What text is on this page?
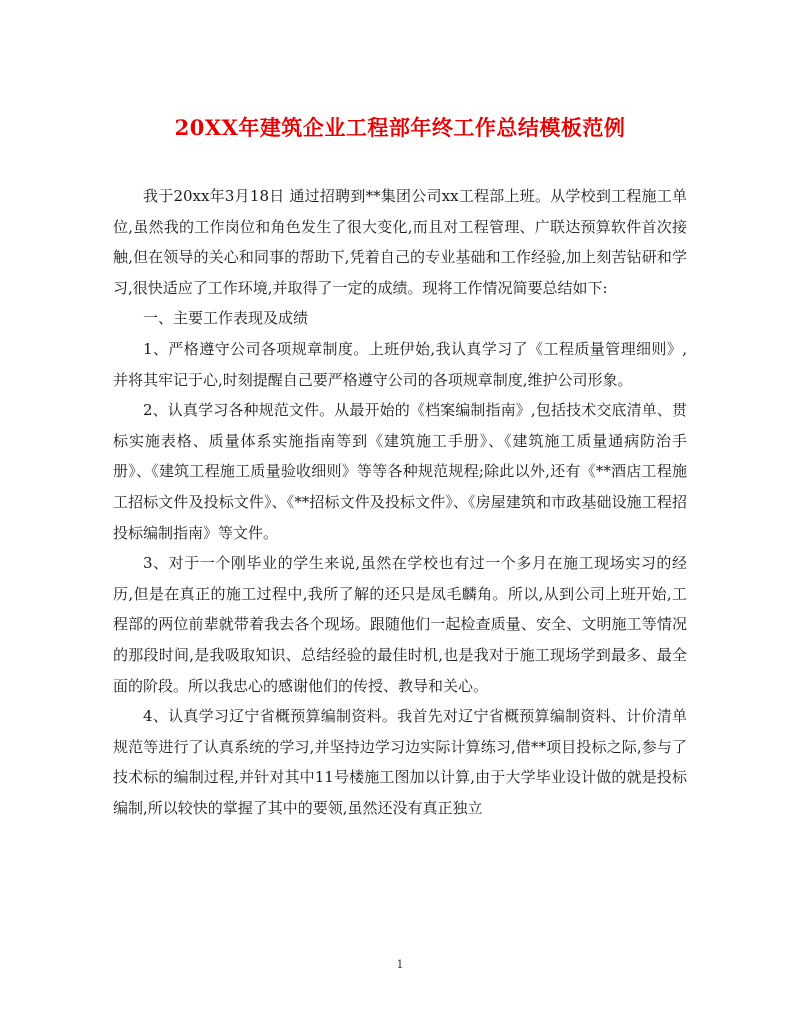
20XX年建筑企业工程部年终工作总结模板范例

我于20xx年3月18日 通过招聘到**集团公司xx工程部上班。从学校到工程施工单位,虽然我的工作岗位和角色发生了很大变化,而且对工程管理、广联达预算软件首次接触,但在领导的关心和同事的帮助下,凭着自己的专业基础和工作经验,加上刻苦钻研和学习,很快适应了工作环境,并取得了一定的成绩。现将工作情况简要总结如下:

一、主要工作表现及成绩

1、严格遵守公司各项规章制度。上班伊始,我认真学习了《工程质量管理细则》,并将其牢记于心,时刻提醒自己要严格遵守公司的各项规章制度,维护公司形象。

2、认真学习各种规范文件。从最开始的《档案编制指南》,包括技术交底清单、贯标实施表格、质量体系实施指南等到《建筑施工手册》、《建筑施工质量通病防治手册》、《建筑工程施工质量验收细则》等等各种规范规程;除此以外,还有《**酒店工程施工招标文件及投标文件》、《**招标文件及投标文件》、《房屋建筑和市政基础设施工程招投标编制指南》等文件。

3、对于一个刚毕业的学生来说,虽然在学校也有过一个多月在施工现场实习的经历,但是在真正的施工过程中,我所了解的还只是凤毛麟角。所以,从到公司上班开始,工程部的两位前辈就带着我去各个现场。跟随他们一起检查质量、安全、文明施工等情况的那段时间,是我吸取知识、总结经验的最佳时机,也是我对于施工现场学到最多、最全面的阶段。所以我忠心的感谢他们的传授、教导和关心。

4、认真学习辽宁省概预算编制资料。我首先对辽宁省概预算编制资料、计价清单规范等进行了认真系统的学习,并坚持边学习边实际计算练习,借**项目投标之际,参与了技术标的编制过程,并针对其中11号楼施工图加以计算,由于大学毕业设计做的就是投标编制,所以较快的掌握了其中的要领,虽然还没有真正独立

1
